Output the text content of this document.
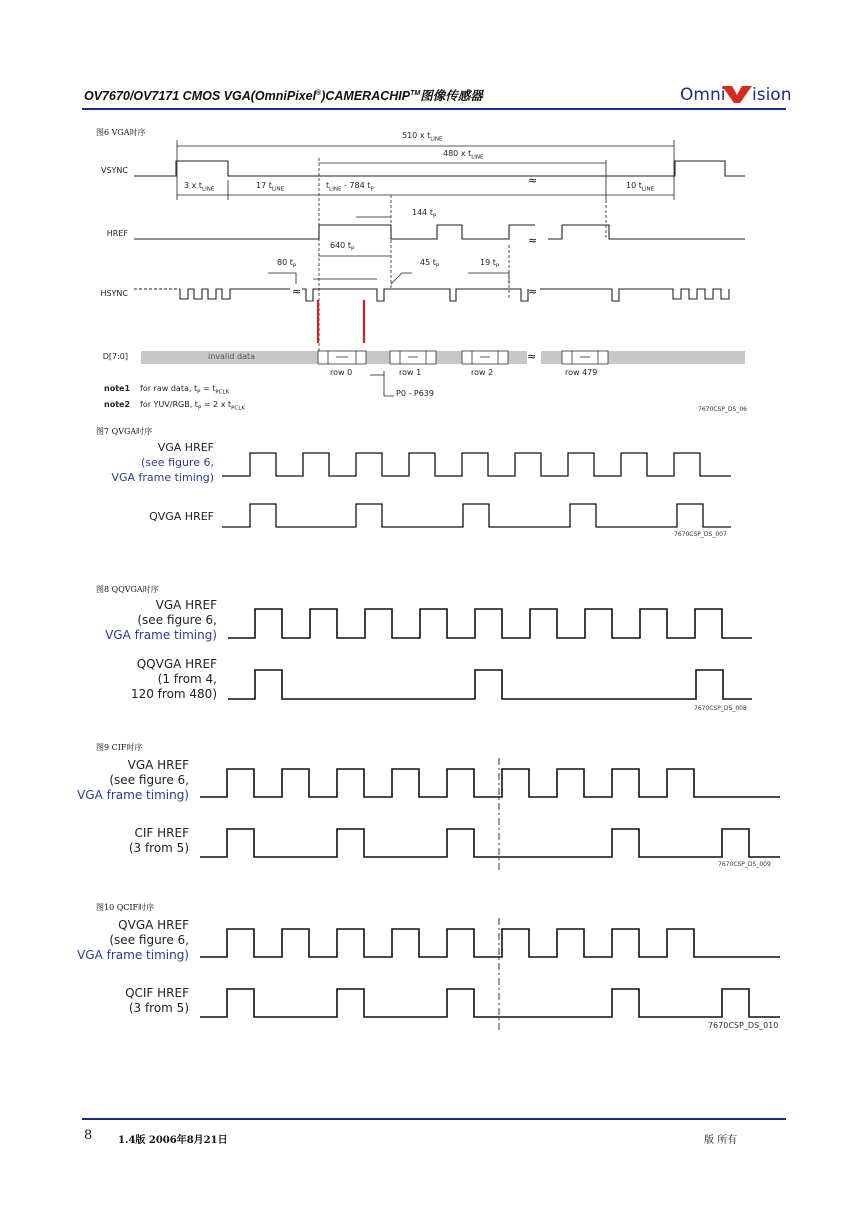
OV7670/OV7171 CMOS VGA(OmniPixel®)CAMERACHIP™图像传感器	Omni ision
图6 VGA时序
VSYNC
HREF
HSYNC
D[7:0]
≈
≈
≈	≈
≈
510 x $t_{LINE}$
480 x $t_{LINE}$
3 x $t_{LINE}$	17 $t_{LINE}$	$t_{LINE} - 784$ $t_P$	10 $t_{LINE}$
144 $t_P$
640 $t_P$
80 $t_P$	45 $t_P$	19 $t_P$
invalid data
row 0	row 1	row 2	row 479
P0 - P639
note1 for raw data, $t_P = t_{PCLK}$
note2 for YUV/RGB, $t_P = 2$ x $t_{PCLK}$	7670CSP_DS_06
图7 QVGA时序
VGA HREF
(see figure 6,
VGA frame timing)
QVGA HREF
7670CSP_DS_007
图8 QQVGA时序
VGA HREF
(see figure 6,
VGA frame timing)
QQVGA HREF
(1 from 4,
120 from 480)
7670CSP_DS_008
图9 CIF时序
VGA HREF
(see figure 6,
VGA frame timing)
CIF HREF
(3 from 5)
7670CSP_DS_009
图10 QCIF时序
QVGA HREF
(see figure 6,
VGA frame timing)
QCIF HREF
(3 from 5)
7670CSP_DS_010
8	1.4版 2006年8月21日	版 所有
